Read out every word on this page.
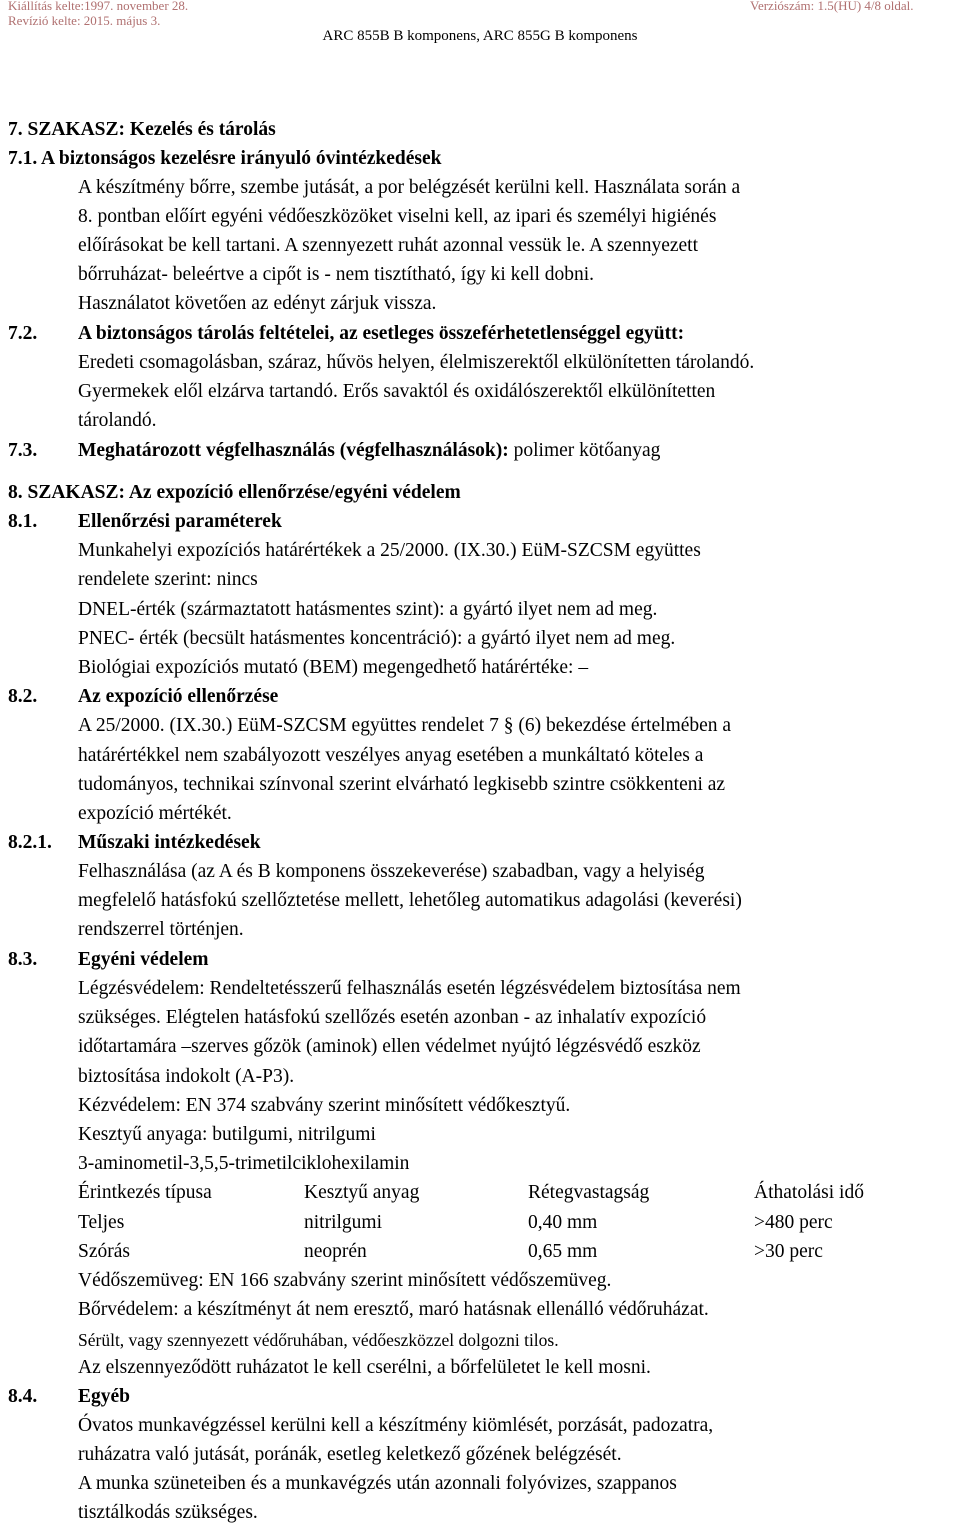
Kiállítás kelte:1997. november 28.
Revízió kelte: 2015. május 3.
Verziószám: 1.5(HU) 4/8 oldal.
ARC 855B B komponens, ARC 855G B komponens
7. SZAKASZ: Kezelés és tárolás
7.1. A biztonságos kezelésre irányuló óvintézkedések
A készítmény bőrre, szembe jutását, a por belégzését kerülni kell. Használata során a
8. pontban előírt egyéni védőeszközöket viselni kell, az ipari és személyi higiénés
előírásokat be kell tartani. A szennyezett ruhát azonnal vessük le. A szennyezett
bőrruházat- beleértve a cipőt is - nem tisztítható, így ki kell dobni.
Használatot követően az edényt zárjuk vissza.
7.2. A biztonságos tárolás feltételei, az esetleges összeférhetetlenséggel együtt:
Eredeti csomagolásban, száraz, hűvös helyen, élelmiszerektől elkülönítetten tárolandó.
Gyermekek elől elzárva tartandó. Erős savaktól és oxidálószerektől elkülönítetten
tárolandó.
7.3. Meghatározott végfelhasználás (végfelhasználások): polimer kötőanyag
8. SZAKASZ: Az expozíció ellenőrzése/egyéni védelem
8.1. Ellenőrzési paraméterek
Munkahelyi expozíciós határértékek a 25/2000. (IX.30.) EüM-SZCSM együttes
rendelete szerint: nincs
DNEL-érték (származtatott hatásmentes szint): a gyártó ilyet nem ad meg.
PNEC- érték (becsült hatásmentes koncentráció): a gyártó ilyet nem ad meg.
Biológiai expozíciós mutató (BEM) megengedhető határértéke: –
8.2. Az expozíció ellenőrzése
A 25/2000. (IX.30.) EüM-SZCSM együttes rendelet 7 § (6) bekezdése értelmében a
határértékkel nem szabályozott veszélyes anyag esetében a munkáltató köteles a
tudományos, technikai színvonal szerint elvárható legkisebb szintre csökkenteni az
expozíció mértékét.
8.2.1. Műszaki intézkedések
Felhasználása (az A és B komponens összekeverése) szabadban, vagy a helyiség
megfelelő hatásfokú szellőztetése mellett, lehetőleg automatikus adagolási (keverési)
rendszerrel történjen.
8.3. Egyéni védelem
Légzésvédelem: Rendeltetésszerű felhasználás esetén légzésvédelem biztosítása nem
szükséges. Elégtelen hatásfokú szellőzés esetén azonban - az inhalatív expozíció
időtartamára –szerves gőzök (aminok) ellen védelmet nyújtó légzésvédő eszköz
biztosítása indokolt (A-P3).
Kézvédelem: EN 374 szabvány szerint minősített védőkesztyű.
Kesztyű anyaga: butilgumi, nitrilgumi
3-aminometil-3,5,5-trimetilciklohexilamin
Érintkezés típusa	Kesztyű anyag	Rétegvastagság	Áthatolási idő
Teljes	nitrilgumi	0,40 mm	>480 perc
Szórás	neoprén	0,65 mm	>30 perc
Védőszemüveg: EN 166 szabvány szerint minősített védőszemüveg.
Bőrvédelem: a készítményt át nem eresztő, maró hatásnak ellenálló védőruházat.
Sérült, vagy szennyezett védőruhában, védőeszközzel dolgozni tilos.
Az elszennyeződött ruházatot le kell cserélni, a bőrfelületet le kell mosni.
8.4. Egyéb
Óvatos munkavégzéssel kerülni kell a készítmény kiömlését, porzását, padozatra,
ruházatra való jutását, poránák, esetleg keletkező gőzének belégzését.
A munka szüneteiben és a munkavégzés után azonnali folyóvizes, szappanos
tisztálkodás szükséges.
